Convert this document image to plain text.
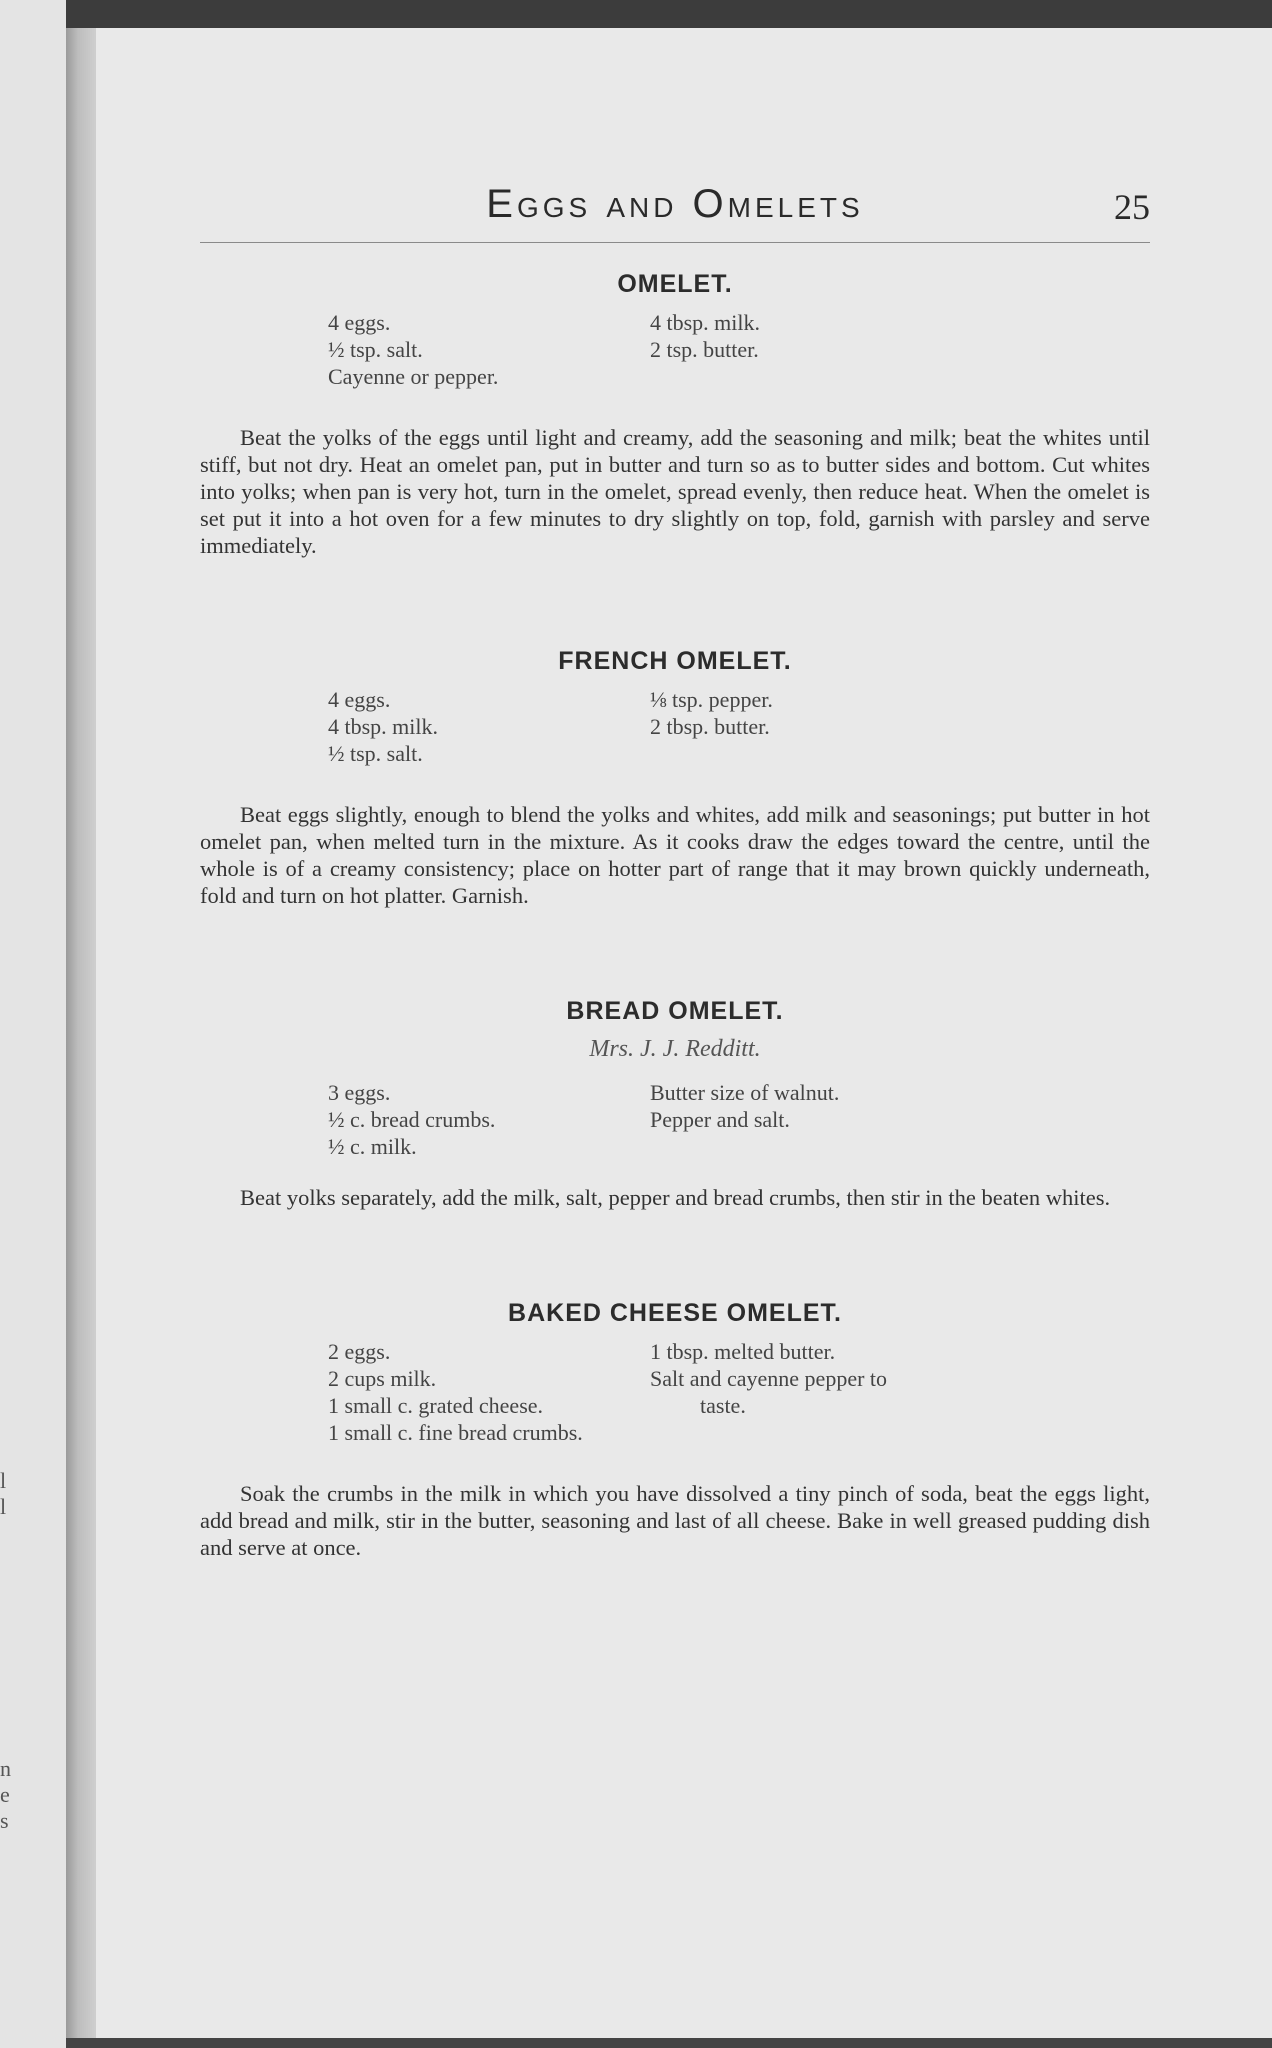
l
l
n
e
s
Eggs and Omelets	25
OMELET.
4 eggs.
½ tsp. salt.
Cayenne or pepper.
4 tbsp. milk.
2 tsp. butter.

Beat the yolks of the eggs until light and creamy, add the seasoning and milk; beat the whites until stiff, but not dry. Heat an omelet pan, put in butter and turn so as to butter sides and bottom. Cut whites into yolks; when pan is very hot, turn in the omelet, spread evenly, then reduce heat. When the omelet is set put it into a hot oven for a few minutes to dry slightly on top, fold, garnish with parsley and serve immediately.

FRENCH OMELET.
4 eggs.
4 tbsp. milk.
½ tsp. salt.
⅛ tsp. pepper.
2 tbsp. butter.

Beat eggs slightly, enough to blend the yolks and whites, add milk and seasonings; put butter in hot omelet pan, when melted turn in the mixture. As it cooks draw the edges toward the centre, until the whole is of a creamy consistency; place on hotter part of range that it may brown quickly underneath, fold and turn on hot platter. Garnish.

BREAD OMELET.
Mrs. J. J. Redditt.
3 eggs.
½ c. bread crumbs.
½ c. milk.
Butter size of walnut.
Pepper and salt.

Beat yolks separately, add the milk, salt, pepper and bread crumbs, then stir in the beaten whites.

BAKED CHEESE OMELET.
2 eggs.
2 cups milk.
1 small c. grated cheese.
1 small c. fine bread crumbs.
1 tbsp. melted butter.
Salt and cayenne pepper to
taste.

Soak the crumbs in the milk in which you have dissolved a tiny pinch of soda, beat the eggs light, add bread and milk, stir in the butter, seasoning and last of all cheese. Bake in well greased pudding dish and serve at once.
